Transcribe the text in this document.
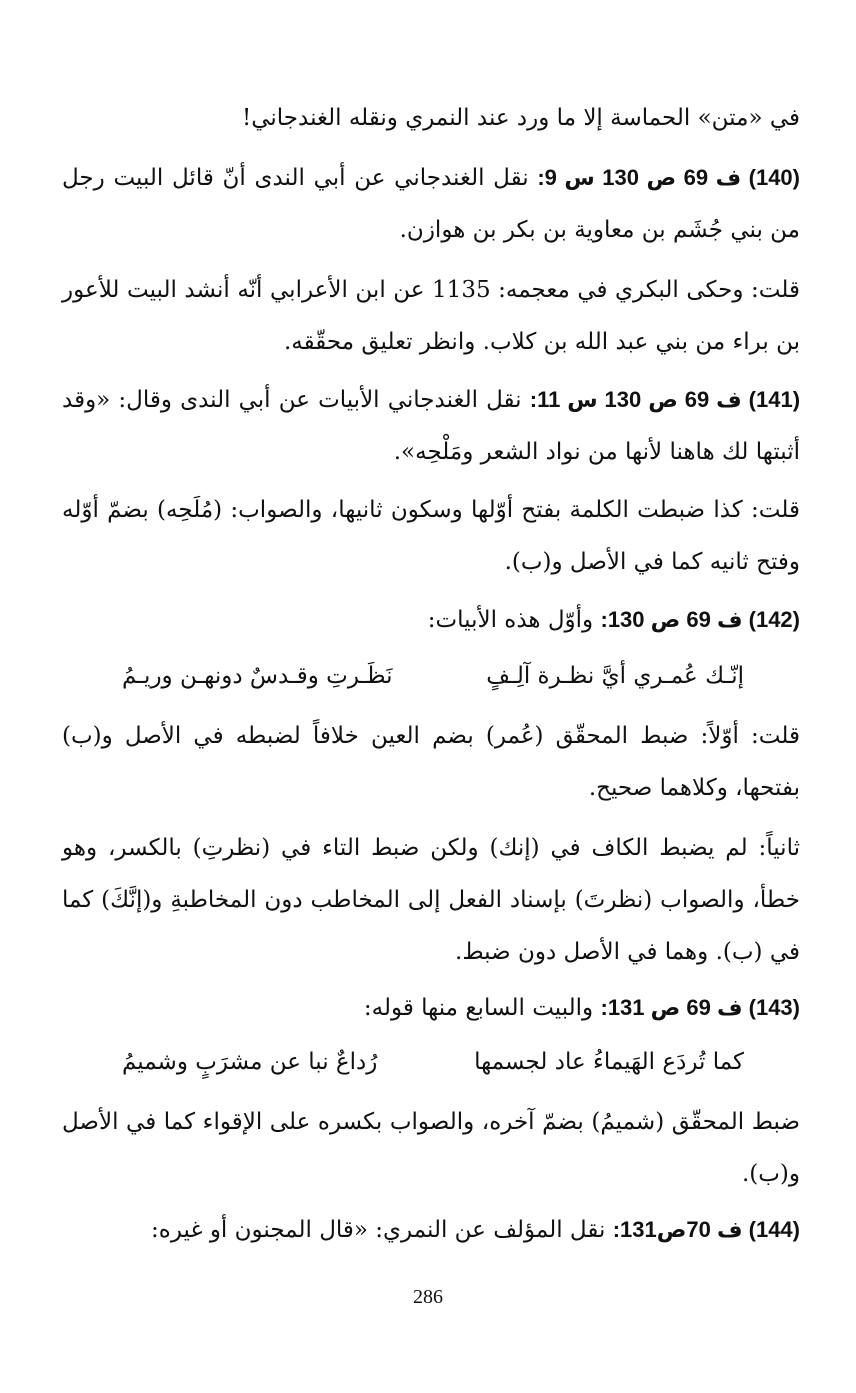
في «متن» الحماسة إلا ما ورد عند النمري ونقله الغندجاني!

(140) ف 69 ص 130 س 9: نقل الغندجاني عن أبي الندى أنّ قائل البيت رجل من بني جُشَم بن معاوية بن بكر بن هوازن.

قلت: وحكى البكري في معجمه: 1135 عن ابن الأعرابي أنّه أنشد البيت للأعور بن براء من بني عبد الله بن كلاب. وانظر تعليق محقّقه.

(141) ف 69 ص 130 س 11: نقل الغندجاني الأبيات عن أبي الندى وقال: «وقد أثبتها لك هاهنا لأنها من نواد الشعر ومَلْحِه».

قلت: كذا ضبطت الكلمة بفتح أوّلها وسكون ثانيها، والصواب: (مُلَحِه) بضمّ أوّله وفتح ثانيه كما في الأصل و(ب).

(142) ف 69 ص 130: وأوّل هذه الأبيات:

إنّـك عُمـري أيَّ نظـرة آلِـفٍ
نَظَـرتِ وقـدسٌ دونهـن وريـمُ

قلت: أوّلاً: ضبط المحقّق (عُمر) بضم العين خلافاً لضبطه في الأصل و(ب) بفتحها، وكلاهما صحيح.

ثانياً: لم يضبط الكاف في (إنك) ولكن ضبط التاء في (نظرتِ) بالكسر، وهو خطأ، والصواب (نظرتَ) بإسناد الفعل إلى المخاطب دون المخاطبةِ و(إنَّكَ) كما في (ب). وهما في الأصل دون ضبط.

(143) ف 69 ص 131: والبيت السابع منها قوله:

كما تُردَع الهَيماءُ عاد لجسمها
رُداعٌ نبا عن مشرَبٍ وشميمُ

ضبط المحقّق (شميمُ) بضمّ آخره، والصواب بكسره على الإقواء كما في الأصل و(ب).

(144) ف 70ص131: نقل المؤلف عن النمري: «قال المجنون أو غيره:

286
